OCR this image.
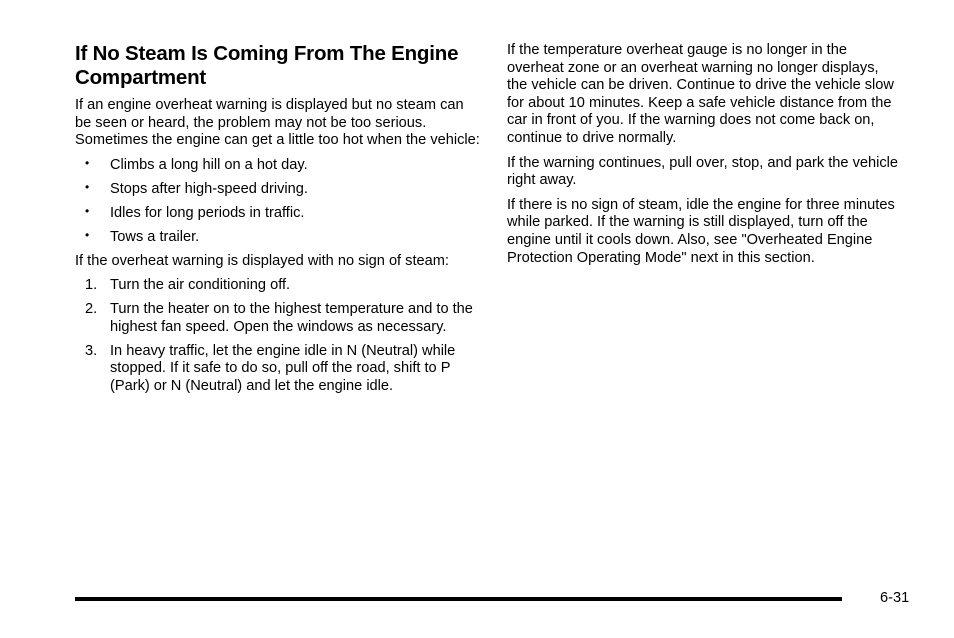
If No Steam Is Coming From The Engine Compartment

If an engine overheat warning is displayed but no steam can be seen or heard, the problem may not be too serious. Sometimes the engine can get a little too hot when the vehicle:

• Climbs a long hill on a hot day.
• Stops after high-speed driving.
• Idles for long periods in traffic.
• Tows a trailer.

If the overheat warning is displayed with no sign of steam:

1. Turn the air conditioning off.
2. Turn the heater on to the highest temperature and to the highest fan speed. Open the windows as necessary.
3. In heavy traffic, let the engine idle in N (Neutral) while stopped. If it safe to do so, pull off the road, shift to P (Park) or N (Neutral) and let the engine idle.

If the temperature overheat gauge is no longer in the overheat zone or an overheat warning no longer displays, the vehicle can be driven. Continue to drive the vehicle slow for about 10 minutes. Keep a safe vehicle distance from the car in front of you. If the warning does not come back on, continue to drive normally.

If the warning continues, pull over, stop, and park the vehicle right away.

If there is no sign of steam, idle the engine for three minutes while parked. If the warning is still displayed, turn off the engine until it cools down. Also, see "Overheated Engine Protection Operating Mode" next in this section.

6-31
